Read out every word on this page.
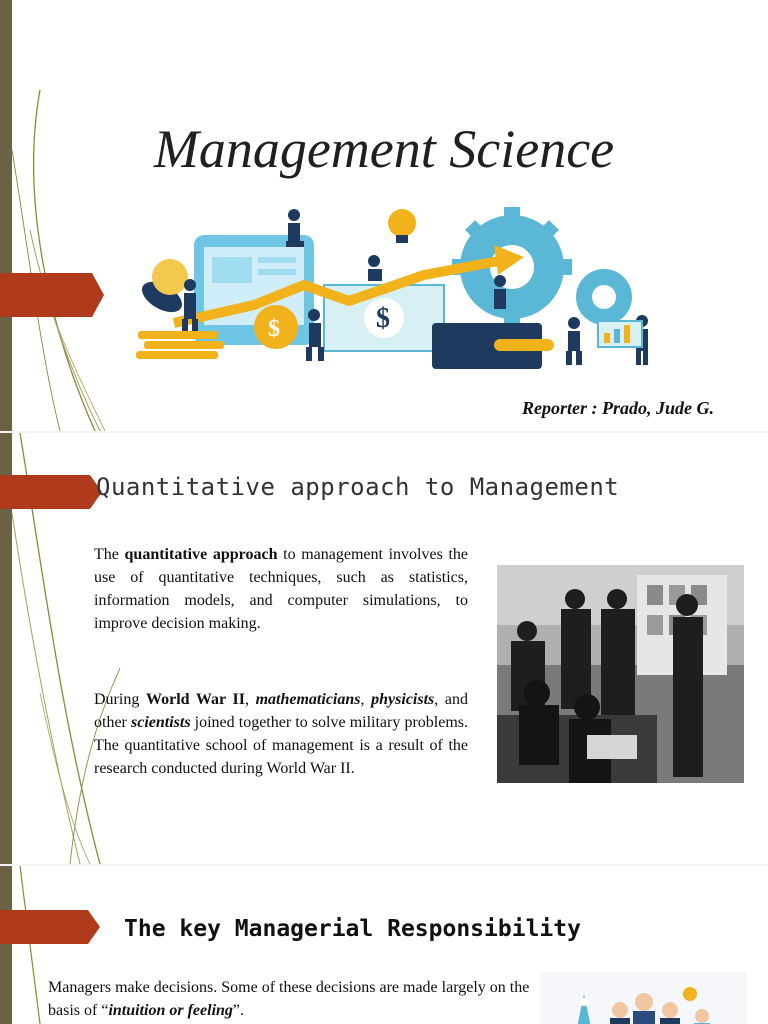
Management Science
$
$
Reporter : Prado, Jude G.
Quantitative approach to Management
The quantitative approach to management involves the use of quantitative techniques, such as statistics, information models, and computer simulations, to improve decision making.
During World War II, mathematicians, physicists, and other scientists joined together to solve military problems. The quantitative school of management is a result of the research conducted during World War II.
The key Managerial Responsibility
Managers make decisions. Some of these decisions are made largely on the basis of “intuition or feeling”.
